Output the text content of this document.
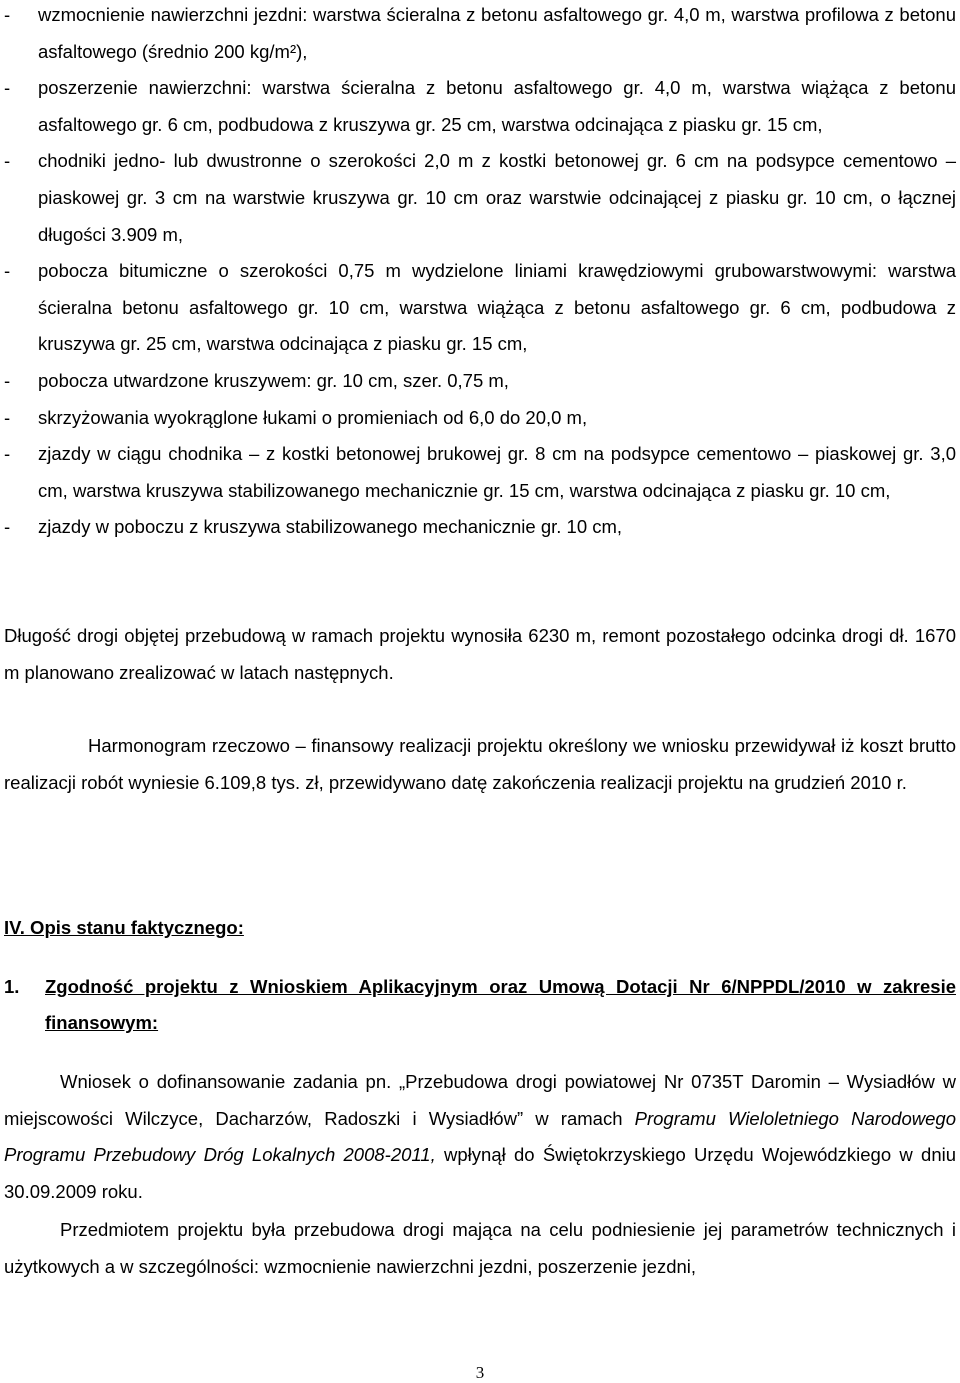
- wzmocnienie nawierzchni jezdni: warstwa ścieralna z betonu asfaltowego gr. 4,0 m, warstwa profilowa z betonu asfaltowego (średnio 200 kg/m²),
- poszerzenie nawierzchni: warstwa ścieralna z betonu asfaltowego gr. 4,0 m, warstwa wiążąca z betonu asfaltowego gr. 6 cm, podbudowa z kruszywa gr. 25 cm, warstwa odcinająca z piasku gr. 15 cm,
- chodniki jedno- lub dwustronne o szerokości 2,0 m z kostki betonowej gr. 6 cm na podsypce cementowo – piaskowej gr. 3 cm na warstwie kruszywa gr. 10 cm oraz warstwie odcinającej z piasku gr. 10 cm, o łącznej długości 3.909 m,
- pobocza bitumiczne o szerokości 0,75 m wydzielone liniami krawędziowymi grubowarstwowymi: warstwa ścieralna betonu asfaltowego gr. 10 cm, warstwa wiążąca z betonu asfaltowego gr. 6 cm, podbudowa z kruszywa gr. 25 cm, warstwa odcinająca z piasku gr. 15 cm,
- pobocza utwardzone kruszywem: gr. 10 cm, szer. 0,75 m,
- skrzyżowania wyokrąglone łukami o promieniach od 6,0 do 20,0 m,
- zjazdy w ciągu chodnika – z kostki betonowej brukowej gr. 8 cm na podsypce cementowo – piaskowej gr. 3,0 cm, warstwa kruszywa stabilizowanego mechanicznie gr. 15 cm, warstwa odcinająca z piasku gr. 10 cm,
- zjazdy w poboczu z kruszywa stabilizowanego mechanicznie gr. 10 cm,

Długość drogi objętej przebudową w ramach projektu wynosiła 6230 m, remont pozostałego odcinka drogi dł. 1670 m planowano zrealizować w latach następnych.

Harmonogram rzeczowo – finansowy realizacji projektu określony we wniosku przewidywał iż koszt brutto realizacji robót wyniesie 6.109,8 tys. zł, przewidywano datę zakończenia realizacji projektu na grudzień 2010 r.

IV. Opis stanu faktycznego:

1. Zgodność projektu z Wnioskiem Aplikacyjnym oraz Umową Dotacji Nr 6/NPPDL/2010 w zakresie finansowym:

Wniosek o dofinansowanie zadania pn. „Przebudowa drogi powiatowej Nr 0735T Daromin – Wysiadłów w miejscowości Wilczyce, Dacharzów, Radoszki i Wysiadłów” w ramach Programu Wieloletniego Narodowego Programu Przebudowy Dróg Lokalnych 2008-2011, wpłynął do Świętokrzyskiego Urzędu Wojewódzkiego w dniu 30.09.2009 roku.

Przedmiotem projektu była przebudowa drogi mająca na celu podniesienie jej parametrów technicznych i użytkowych a w szczególności: wzmocnienie nawierzchni jezdni, poszerzenie jezdni,

3
